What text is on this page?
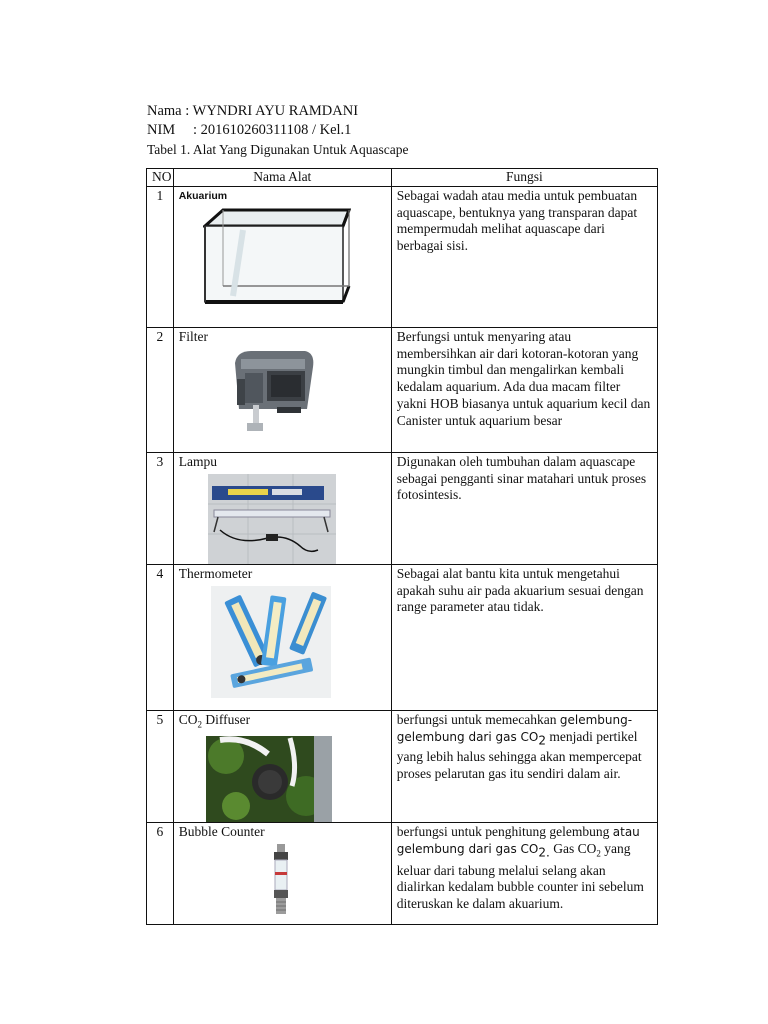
Nama : WYNDRI AYU RAMDANI
NIM : 201610260311108 / Kel.1
Tabel 1. Alat Yang Digunakan Untuk Aquascape
NO	Nama Alat	Fungsi
1	Akuarium	Sebagai wadah atau media untuk pembuatan aquascape, bentuknya yang transparan dapat mempermudah melihat aquascape dari berbagai sisi.
2	Filter	Berfungsi untuk menyaring atau membersihkan air dari kotoran-kotoran yang mungkin timbul dan mengalirkan kembali kedalam aquarium. Ada dua macam filter yakni HOB biasanya untuk aquarium kecil dan Canister untuk aquarium besar
3	Lampu	Digunakan oleh tumbuhan dalam aquascape sebagai pengganti sinar matahari untuk proses fotosintesis.
4	Thermometer	Sebagai alat bantu kita untuk mengetahui apakah suhu air pada akuarium sesuai dengan range parameter atau tidak.
5	$CO_2$ Diffuser	berfungsi untuk memecahkan gelembung-gelembung dari gas $CO_2$ menjadi pertikel yang lebih halus sehingga akan mempercepat proses pelarutan gas itu sendiri dalam air.
6	Bubble Counter	berfungsi untuk penghitung gelembung atau gelembung dari gas $CO_{2.}$ Gas $CO_2$ yang keluar dari tabung melalui selang akan dialirkan kedalam bubble counter ini sebelum diteruskan ke dalam akuarium.
